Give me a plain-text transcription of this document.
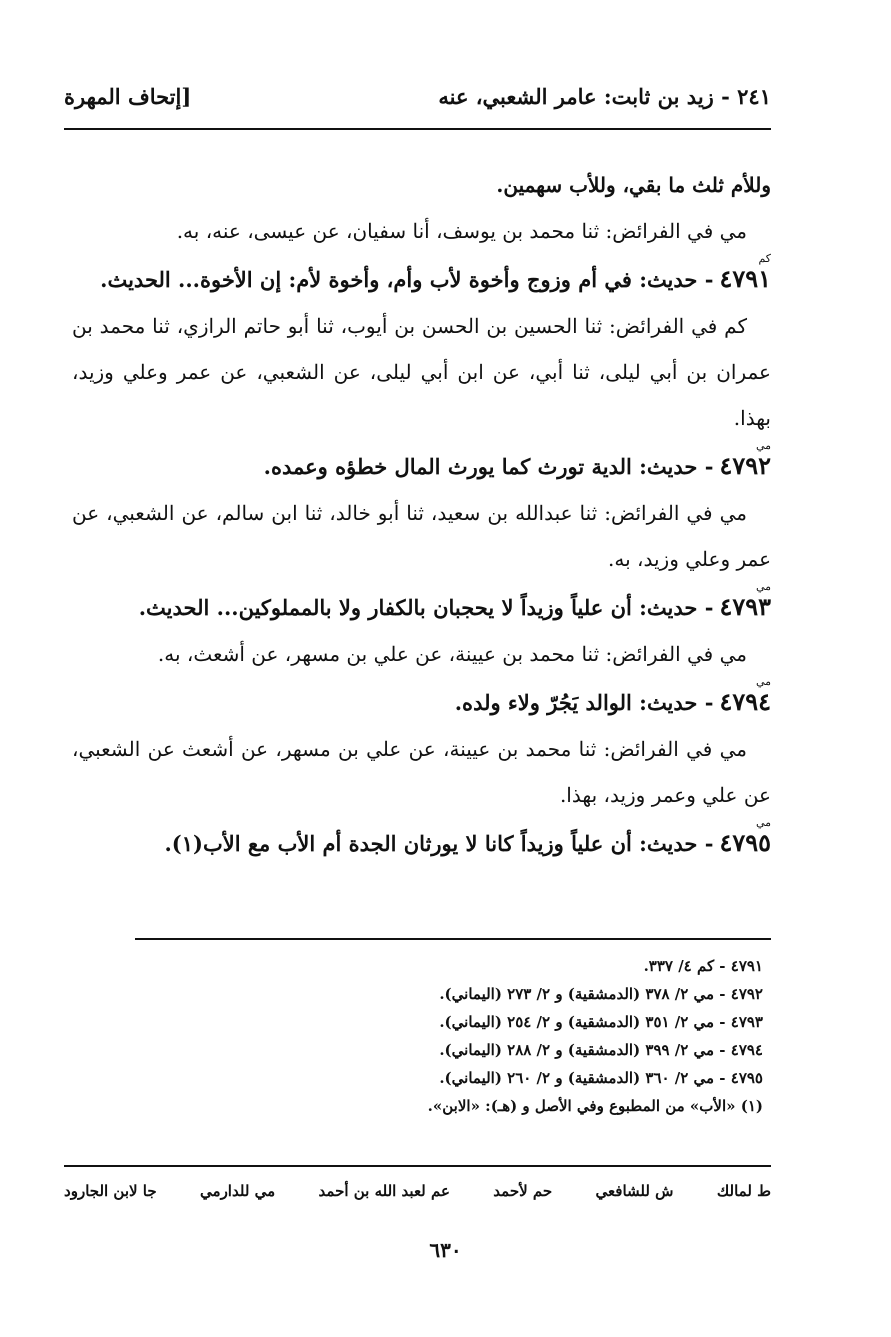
٢٤١ - زيد بن ثابت: عامر الشعبي، عنه
[إتحاف المهرة

وللأم ثلث ما بقي، وللأب سهمين.

مي في الفرائض: ثنا محمد بن يوسف، أنا سفيان، عن عيسى، عنه، به.

كم
٤٧٩١- حديث: في أم وزوج وأخوة لأب وأم، وأخوة لأم: إن الأخوة... الحديث.

كم في الفرائض: ثنا الحسين بن الحسن بن أيوب، ثنا أبو حاتم الرازي، ثنا محمد بن عمران بن أبي ليلى، ثنا أبي، عن ابن أبي ليلى، عن الشعبي، عن عمر وعلي وزيد، بهذا.

مي
٤٧٩٢- حديث: الدية تورث كما يورث المال خطؤه وعمده.

مي في الفرائض: ثنا عبدالله بن سعيد، ثنا أبو خالد، ثنا ابن سالم، عن الشعبي، عن عمر وعلي وزيد، به.

مي
٤٧٩٣- حديث: أن علياً وزيداً لا يحجبان بالكفار ولا بالمملوكين... الحديث.

مي في الفرائض: ثنا محمد بن عيينة، عن علي بن مسهر، عن أشعث، به.

مي
٤٧٩٤- حديث: الوالد يَجُرّ ولاء ولده.

مي في الفرائض: ثنا محمد بن عيينة، عن علي بن مسهر، عن أشعث عن الشعبي، عن علي وعمر وزيد، بهذا.

مي
٤٧٩٥- حديث: أن علياً وزيداً كانا لا يورثان الجدة أم الأب مع الأب(١).

٤٧٩١ - كم ٤/ ٣٣٧.

٤٧٩٢ - مي ٢/ ٣٧٨ (الدمشقية) و ٢/ ٢٧٣ (اليماني).

٤٧٩٣ - مي ٢/ ٣٥١ (الدمشقية) و ٢/ ٢٥٤ (اليماني).

٤٧٩٤ - مي ٢/ ٣٩٩ (الدمشقية) و ٢/ ٢٨٨ (اليماني).

٤٧٩٥ - مي ٢/ ٣٦٠ (الدمشقية) و ٢/ ٢٦٠ (اليماني).

(١) «الأب» من المطبوع وفي الأصل و (هـ): «الابن».

ط لمالك
ش للشافعي
حم لأحمد
عم لعبد الله بن أحمد
مي للدارمي
جا لابن الجارود
٦٣٠
